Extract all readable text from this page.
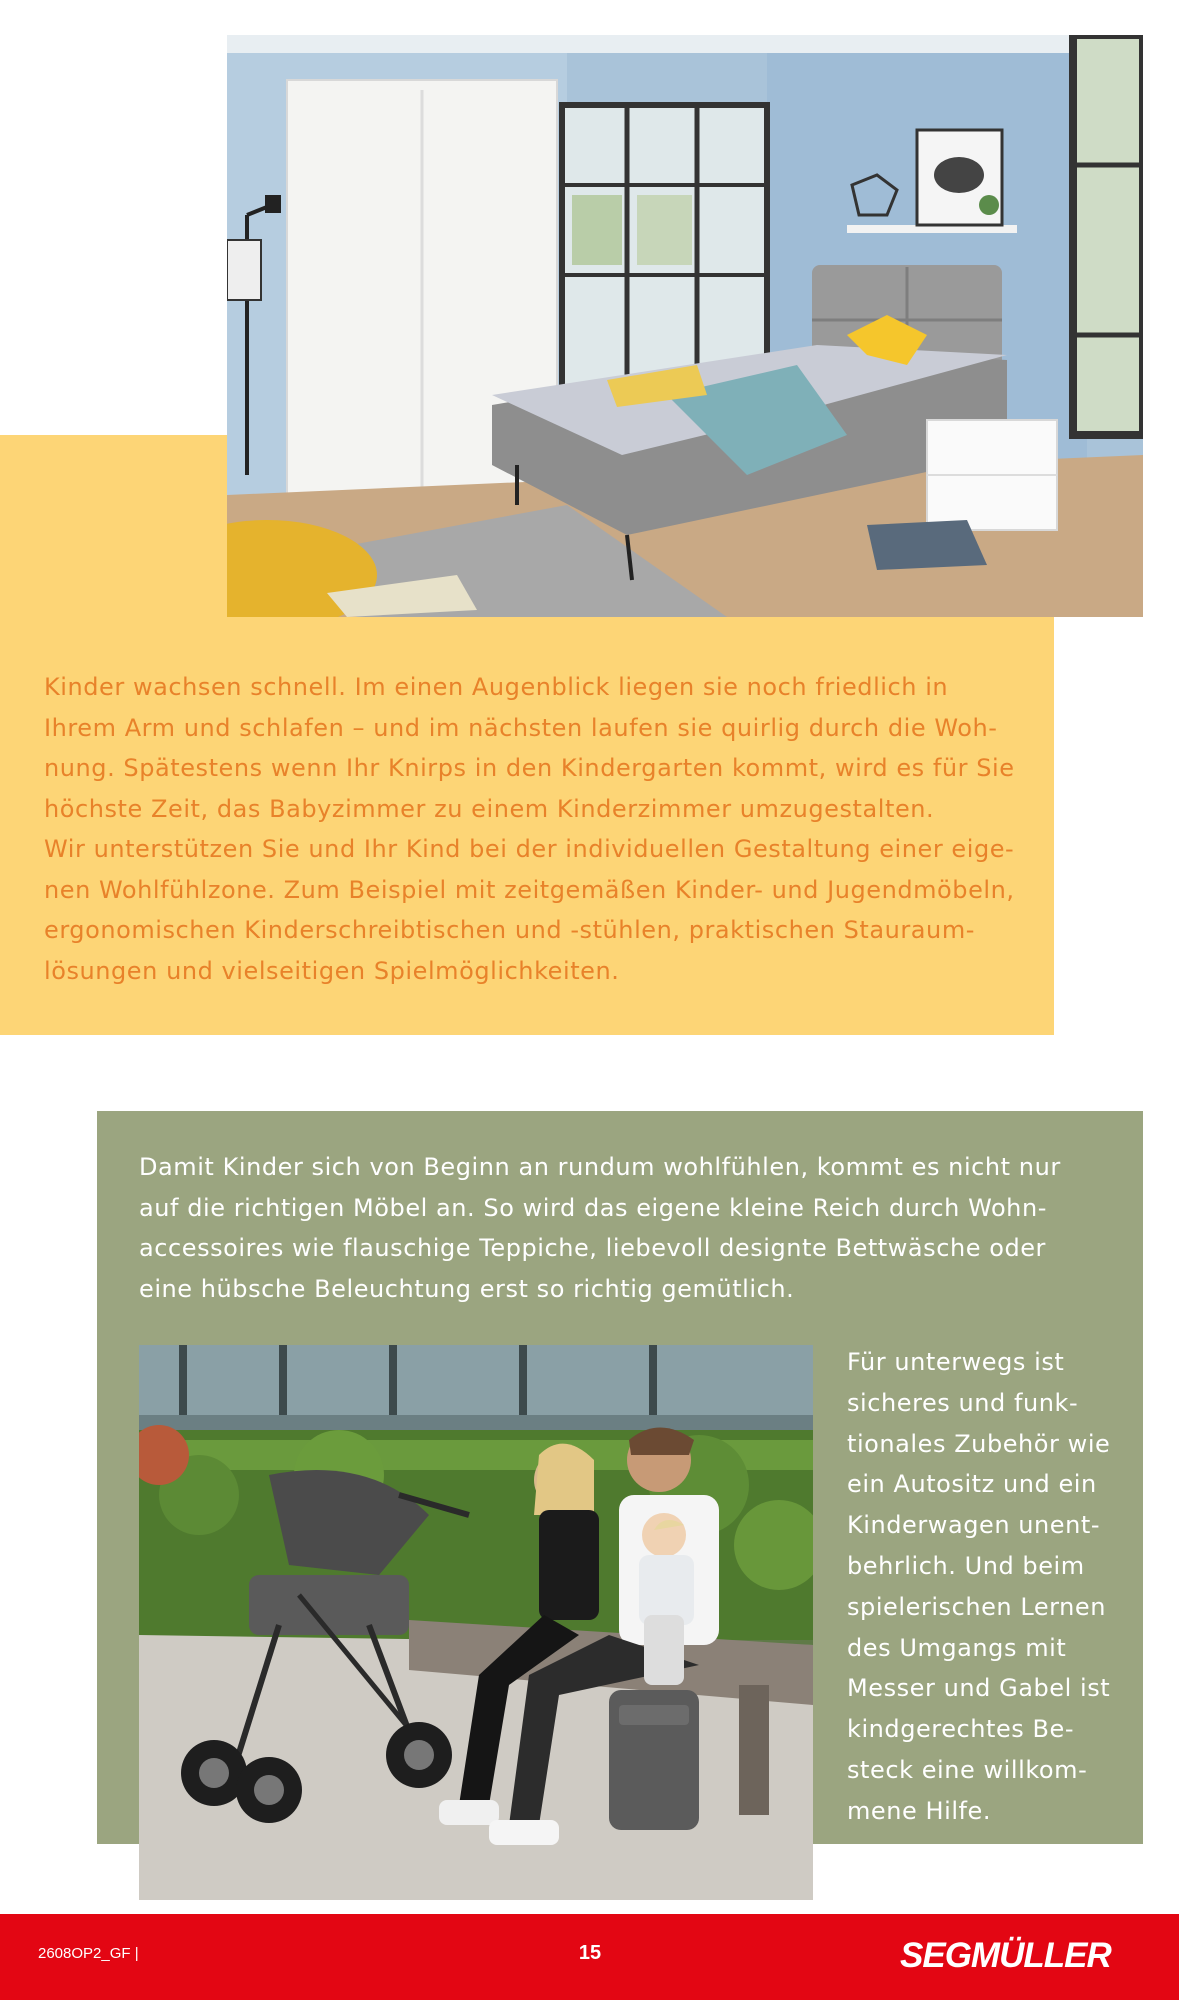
Kinder wachsen schnell. Im einen Augenblick liegen sie noch friedlich in
Ihrem Arm und schlafen – und im nächsten laufen sie quirlig durch die Woh-
nung. Spätestens wenn Ihr Knirps in den Kindergarten kommt, wird es für Sie
höchste Zeit, das Babyzimmer zu einem Kinderzimmer umzugestalten.
Wir unterstützen Sie und Ihr Kind bei der individuellen Gestaltung einer eige-
nen Wohlfühlzone. Zum Beispiel mit zeitgemäßen Kinder- und Jugendmöbeln,
ergonomischen Kinderschreibtischen und -stühlen, praktischen Stauraum-
lösungen und vielseitigen Spielmöglichkeiten.
Damit Kinder sich von Beginn an rundum wohlfühlen, kommt es nicht nur
auf die richtigen Möbel an. So wird das eigene kleine Reich durch Wohn-
accessoires wie flauschige Teppiche, liebevoll designte Bettwäsche oder
eine hübsche Beleuchtung erst so richtig gemütlich.
Für unterwegs ist
sicheres und funk-
tionales Zubehör wie
ein Autositz und ein
Kinderwagen unent-
behrlich. Und beim
spielerischen Lernen
des Umgangs mit
Messer und Gabel ist
kindgerechtes Be-
steck eine willkom-
mene Hilfe.
2608OP2_GF |	15	SEGMÜLLER
